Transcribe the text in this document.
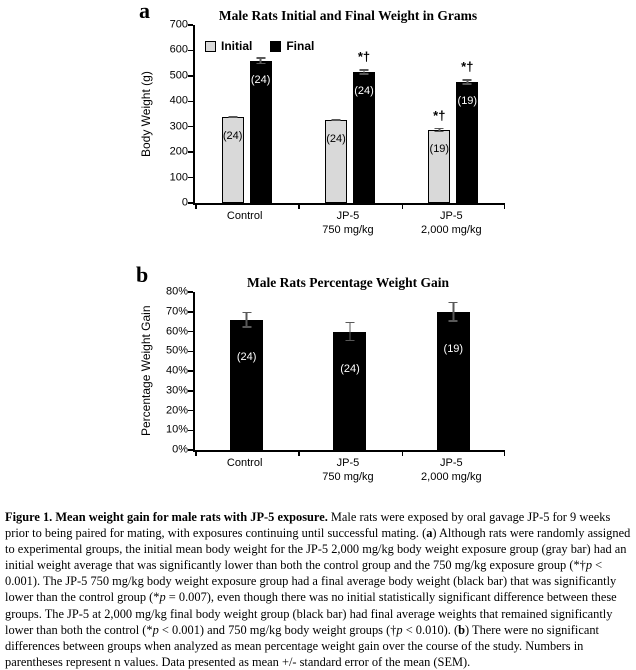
a	Male Rats Initial and Final Weight in Grams
Body Weight (g)
700
600
500
400
300
200
100
0
Initial	Final
(24)
(24)
(24)
(24)
*†
(19)
*†
(19)
*†
Control	JP-5
750 mg/kg
JP-5
2,000 mg/kg
b	Male Rats Percentage Weight Gain
Percentage Weight Gain
80%
70%
60%
50%
40%
30%
20%
10%
0%
(24)
(24)
(19)
Control	JP-5
750 mg/kg
JP-5
2,000 mg/kg
Figure 1. Mean weight gain for male rats with JP-5 exposure. Male rats were exposed by oral gavage JP-5 for 9 weeks prior to being paired for mating, with exposures continuing until successful mating. (a) Although rats were randomly assigned to experimental groups, the initial mean body weight for the JP-5 2,000 mg/kg body weight exposure group (gray bar) had an initial weight average that was significantly lower than both the control group and the 750 mg/kg exposure group (*†p < 0.001). The JP-5 750 mg/kg body weight exposure group had a final average body weight (black bar) that was significantly lower than the control group (*p = 0.007), even though there was no initial statistically significant difference between these groups. The JP-5 at 2,000 mg/kg final body weight group (black bar) had final average weights that remained significantly lower than both the control (*p < 0.001) and 750 mg/kg body weight groups (†p < 0.010). (b) There were no significant differences between groups when analyzed as mean percentage weight gain over the course of the study. Numbers in parentheses represent n values. Data presented as mean +/- standard error of the mean (SEM).
